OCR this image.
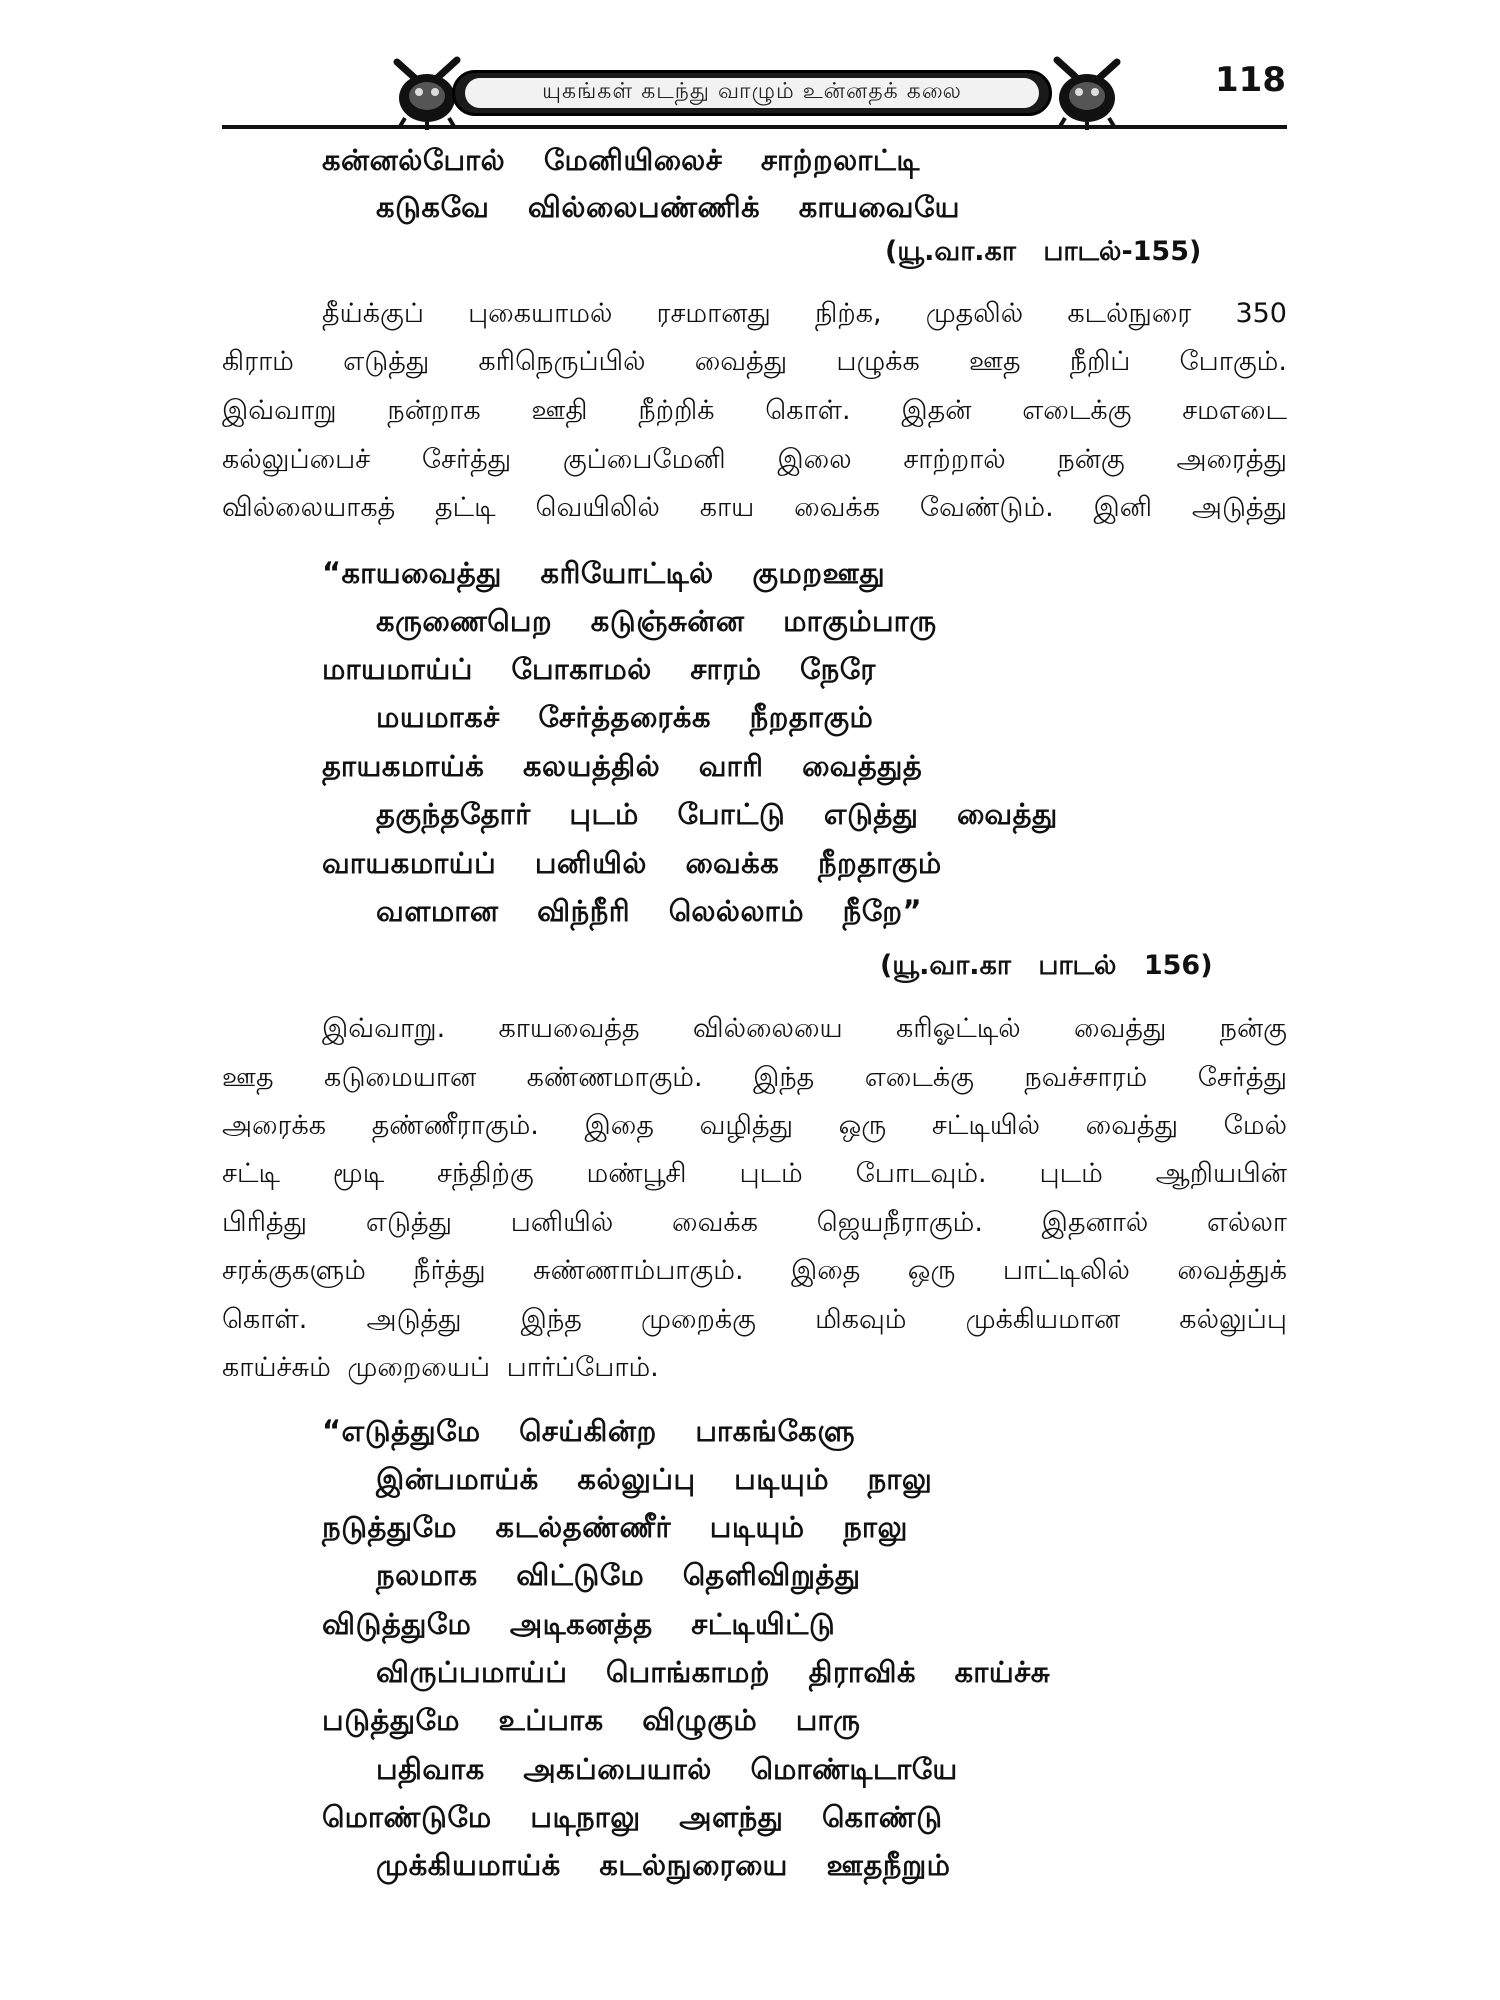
யுகங்கள் கடந்து வாழும் உன்னதக் கலை	118
கன்னல்போல் மேனியிலைச் சாற்றலாட்டி
கடுகவே வில்லைபண்ணிக் காயவையே
(யூ.வா.கா பாடல்-155)
தீய்க்குப் புகையாமல் ரசமானது நிற்க, முதலில் கடல்நுரை 350
கிராம் எடுத்து கரிநெருப்பில் வைத்து பழுக்க ஊத நீறிப் போகும்.
இவ்வாறு நன்றாக ஊதி நீற்றிக் கொள். இதன் எடைக்கு சமஎடை
கல்லுப்பைச் சேர்த்து குப்பைமேனி இலை சாற்றால் நன்கு அரைத்து
வில்லையாகத் தட்டி வெயிலில் காய வைக்க வேண்டும். இனி அடுத்து
“காயவைத்து கரியோட்டில் குமறஊது
கருணைபெற கடுஞ்சுன்ன மாகும்பாரு
மாயமாய்ப் போகாமல் சாரம் நேரே
மயமாகச் சேர்த்தரைக்க நீறதாகும்
தாயகமாய்க் கலயத்தில் வாரி வைத்துத்
தகுந்ததோர் புடம் போட்டு எடுத்து வைத்து
வாயகமாய்ப் பனியில் வைக்க நீறதாகும்
வளமான விந்நீரி லெல்லாம் நீறே”
(யூ.வா.கா பாடல் 156)
இவ்வாறு. காயவைத்த வில்லையை கரிஓட்டில் வைத்து நன்கு
ஊத கடுமையான கண்ணமாகும். இந்த எடைக்கு நவச்சாரம் சேர்த்து
அரைக்க தண்ணீராகும். இதை வழித்து ஒரு சட்டியில் வைத்து மேல்
சட்டி மூடி சந்திற்கு மண்பூசி புடம் போடவும். புடம் ஆறியபின்
பிரித்து எடுத்து பனியில் வைக்க ஜெயநீராகும். இதனால் எல்லா
சரக்குகளும் நீர்த்து சுண்ணாம்பாகும். இதை ஒரு பாட்டிலில் வைத்துக்
கொள். அடுத்து இந்த முறைக்கு மிகவும் முக்கியமான கல்லுப்பு
காய்ச்சும் முறையைப் பார்ப்போம்.
“எடுத்துமே செய்கின்ற பாகங்கேளு
இன்பமாய்க் கல்லுப்பு படியும் நாலு
நடுத்துமே கடல்தண்ணீர் படியும் நாலு
நலமாக விட்டுமே தெளிவிறுத்து
விடுத்துமே அடிகனத்த சட்டியிட்டு
விருப்பமாய்ப் பொங்காமற் திராவிக் காய்ச்சு
படுத்துமே உப்பாக விழுகும் பாரு
பதிவாக அகப்பையால் மொண்டிடாயே
மொண்டுமே படிநாலு அளந்து கொண்டு
முக்கியமாய்க் கடல்நுரையை ஊதநீறும்
